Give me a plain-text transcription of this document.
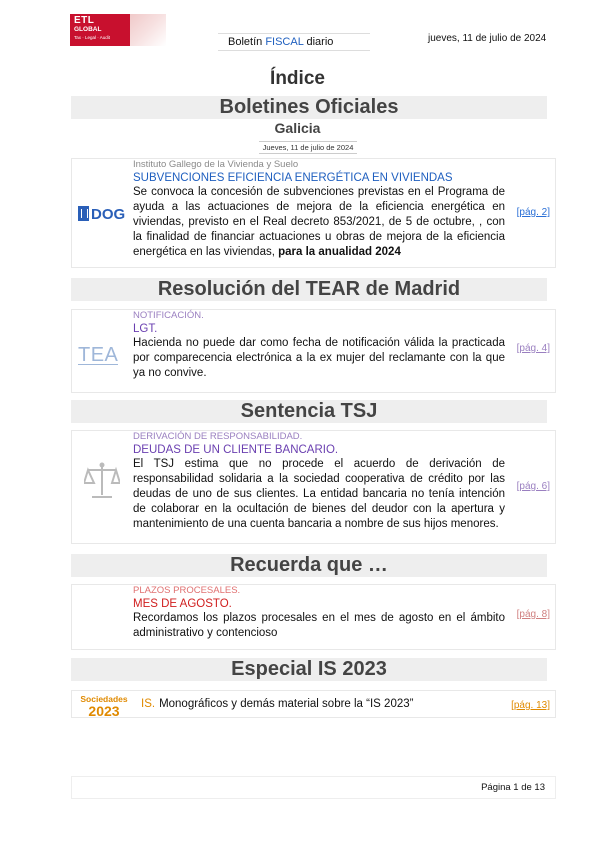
ETL
GLOBAL
Tax · Legal · Audit	Boletín FISCAL diario	jueves, 11 de julio de 2024
Índice
Boletines Oficiales
Galicia
Jueves, 11 de julio de 2024
DOG
Instituto Gallego de la Vivienda y Suelo
SUBVENCIONES EFICIENCIA ENERGÉTICA EN VIVIENDAS
Se convoca la concesión de subvenciones previstas en el Programa de ayuda a las actuaciones de mejora de la eficiencia energética en viviendas, previsto en el Real decreto 853/2021, de 5 de octubre, , con la finalidad de financiar actuaciones u obras de mejora de la eficiencia energética en las viviendas, para la anualidad 2024
[pág. 2]
Resolución del TEAR de Madrid
TEA
NOTIFICACIÓN.
LGT.
Hacienda no puede dar como fecha de notificación válida la practicada por comparecencia electrónica a la ex mujer del reclamante con la que ya no convive.
[pág. 4]
Sentencia TSJ
DERIVACIÓN DE RESPONSABILIDAD.
DEUDAS DE UN CLIENTE BANCARIO.
El TSJ estima que no procede el acuerdo de derivación de responsabilidad solidaria a la sociedad cooperativa de crédito por las deudas de uno de sus clientes. La entidad bancaria no tenía intención de colaborar en la ocultación de bienes del deudor con la apertura y mantenimiento de una cuenta bancaria a nombre de sus hijos menores.
[pág. 6]
Recuerda que …
PLAZOS PROCESALES.
MES DE AGOSTO.
Recordamos los plazos procesales en el mes de agosto en el ámbito administrativo y contencioso
[pág. 8]
Especial IS 2023
Sociedades
2023	IS. Monográficos y demás material sobre la “IS 2023”	[pág. 13]
Página 1 de 13
